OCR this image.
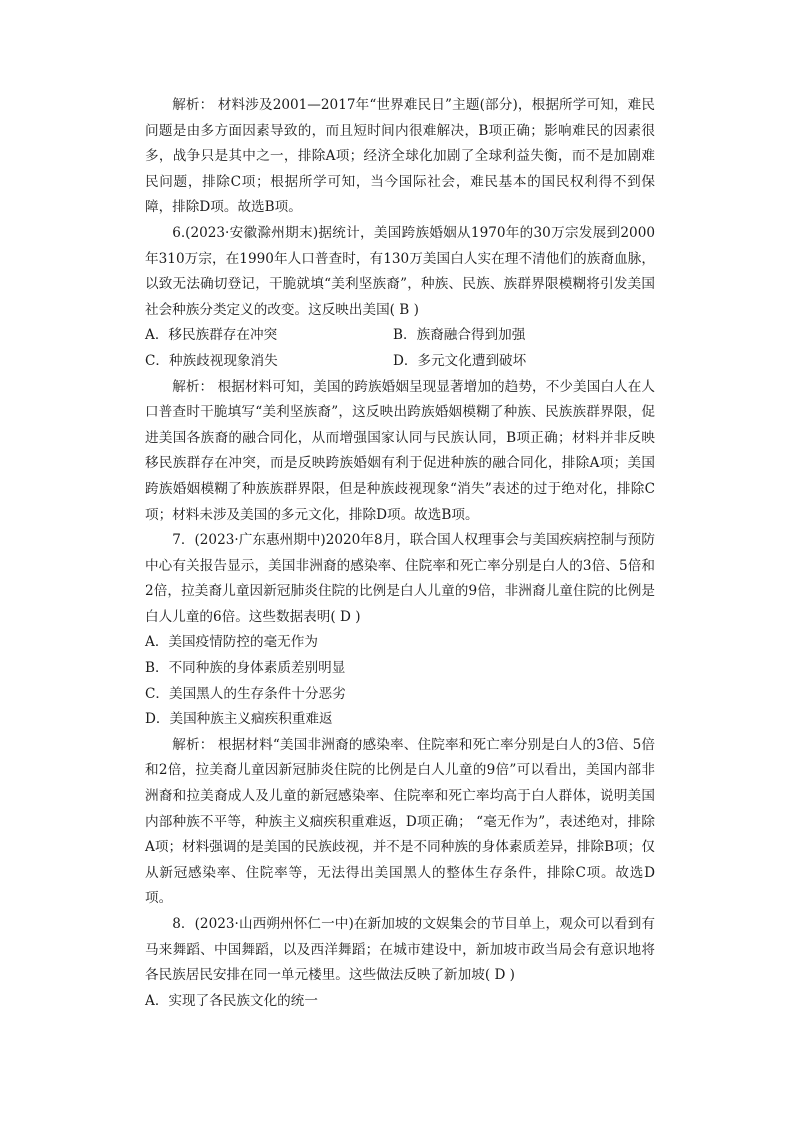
解析： 材料涉及2001—2017年“世界难民日”主题(部分)，根据所学可知，难民问题是由多方面因素导致的，而且短时间内很难解决，B项正确；影响难民的因素很多，战争只是其中之一，排除A项；经济全球化加剧了全球利益失衡，而不是加剧难民问题，排除C项；根据所学可知，当今国际社会，难民基本的国民权利得不到保障，排除D项。故选B项。

6.(2023·安徽滁州期末)据统计，美国跨族婚姻从1970年的30万宗发展到2000年310万宗，在1990年人口普查时，有130万美国白人实在理不清他们的族裔血脉，以致无法确切登记，干脆就填“美利坚族裔”，种族、民族、族群界限模糊将引发美国社会种族分类定义的改变。这反映出美国( B )

A．移民族群存在冲突	B．族裔融合得到加强

C．种族歧视现象消失	D．多元文化遭到破坏

解析： 根据材料可知，美国的跨族婚姻呈现显著增加的趋势，不少美国白人在人口普查时干脆填写“美利坚族裔”，这反映出跨族婚姻模糊了种族、民族族群界限，促进美国各族裔的融合同化，从而增强国家认同与民族认同，B项正确；材料并非反映移民族群存在冲突，而是反映跨族婚姻有利于促进种族的融合同化，排除A项；美国跨族婚姻模糊了种族族群界限，但是种族歧视现象“消失”表述的过于绝对化，排除C项；材料未涉及美国的多元文化，排除D项。故选B项。

7．(2023·广东惠州期中)2020年8月，联合国人权理事会与美国疾病控制与预防中心有关报告显示，美国非洲裔的感染率、住院率和死亡率分别是白人的3倍、5倍和2倍，拉美裔儿童因新冠肺炎住院的比例是白人儿童的9倍，非洲裔儿童住院的比例是白人儿童的6倍。这些数据表明( D )

A．美国疫情防控的毫无作为

B．不同种族的身体素质差别明显

C．美国黑人的生存条件十分恶劣

D．美国种族主义痼疾积重难返

解析： 根据材料“美国非洲裔的感染率、住院率和死亡率分别是白人的3倍、5倍和2倍，拉美裔儿童因新冠肺炎住院的比例是白人儿童的9倍”可以看出，美国内部非洲裔和拉美裔成人及儿童的新冠感染率、住院率和死亡率均高于白人群体，说明美国内部种族不平等，种族主义痼疾积重难返，D项正确； “毫无作为”，表述绝对，排除A项；材料强调的是美国的民族歧视，并不是不同种族的身体素质差异，排除B项；仅从新冠感染率、住院率等，无法得出美国黑人的整体生存条件，排除C项。故选D项。

8．(2023·山西朔州怀仁一中)在新加坡的文娱集会的节目单上，观众可以看到有马来舞蹈、中国舞蹈，以及西洋舞蹈；在城市建设中，新加坡市政当局会有意识地将各民族居民安排在同一单元楼里。这些做法反映了新加坡( D )

A．实现了各民族文化的统一
